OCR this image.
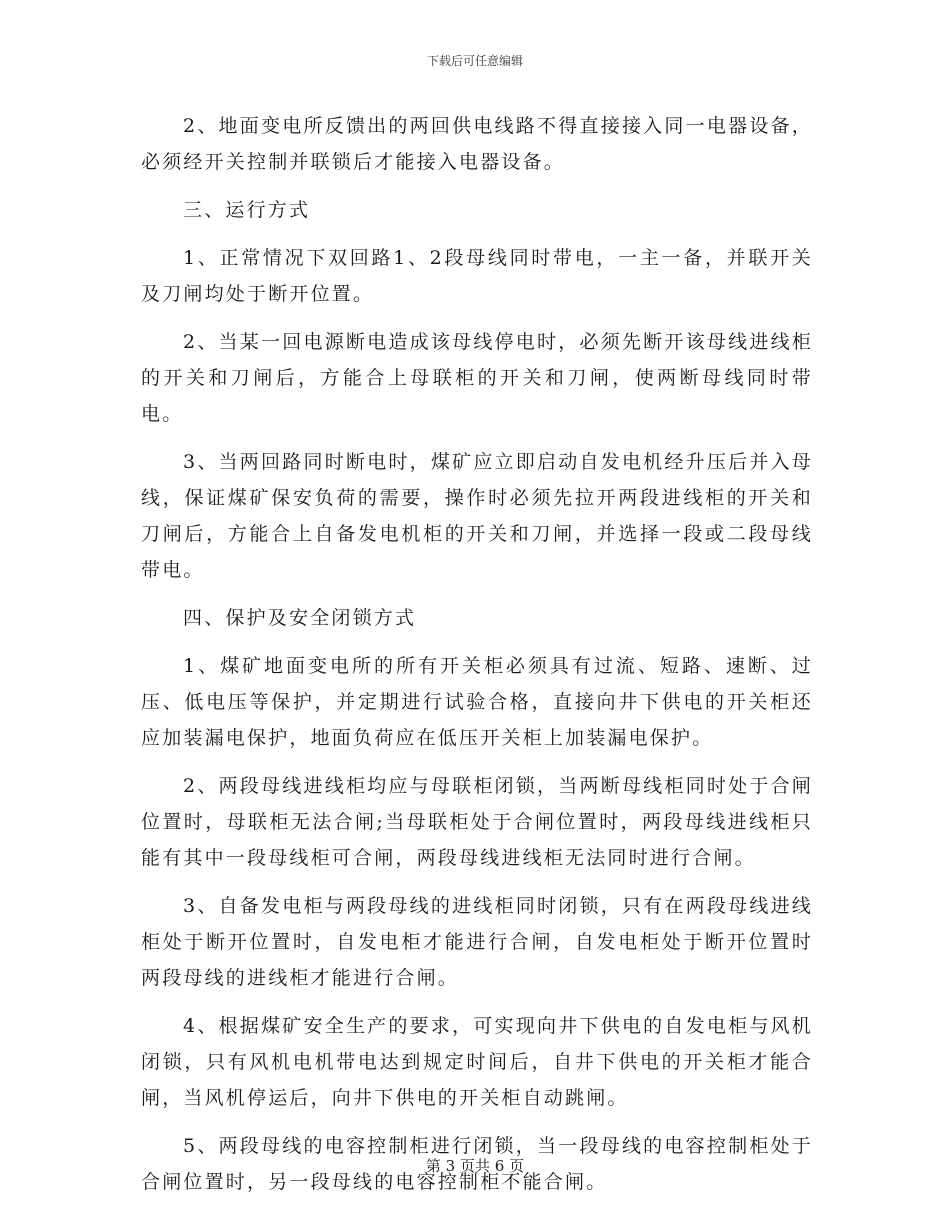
下载后可任意编辑

2、地面变电所反馈出的两回供电线路不得直接接入同一电器设备，必须经开关控制并联锁后才能接入电器设备。

三、运行方式

1、正常情况下双回路1、2段母线同时带电，一主一备，并联开关及刀闸均处于断开位置。

2、当某一回电源断电造成该母线停电时，必须先断开该母线进线柜的开关和刀闸后，方能合上母联柜的开关和刀闸，使两断母线同时带电。

3、当两回路同时断电时，煤矿应立即启动自发电机经升压后并入母线，保证煤矿保安负荷的需要，操作时必须先拉开两段进线柜的开关和刀闸后，方能合上自备发电机柜的开关和刀闸，并选择一段或二段母线带电。

四、保护及安全闭锁方式

1、煤矿地面变电所的所有开关柜必须具有过流、短路、速断、过压、低电压等保护，并定期进行试验合格，直接向井下供电的开关柜还应加装漏电保护，地面负荷应在低压开关柜上加装漏电保护。

2、两段母线进线柜均应与母联柜闭锁，当两断母线柜同时处于合闸位置时，母联柜无法合闸;当母联柜处于合闸位置时，两段母线进线柜只能有其中一段母线柜可合闸，两段母线进线柜无法同时进行合闸。

3、自备发电柜与两段母线的进线柜同时闭锁，只有在两段母线进线柜处于断开位置时，自发电柜才能进行合闸，自发电柜处于断开位置时两段母线的进线柜才能进行合闸。

4、根据煤矿安全生产的要求，可实现向井下供电的自发电柜与风机闭锁，只有风机电机带电达到规定时间后，自井下供电的开关柜才能合闸，当风机停运后，向井下供电的开关柜自动跳闸。

5、两段母线的电容控制柜进行闭锁，当一段母线的电容控制柜处于合闸位置时，另一段母线的电容控制柜不能合闸。

第 3 页共 6 页
